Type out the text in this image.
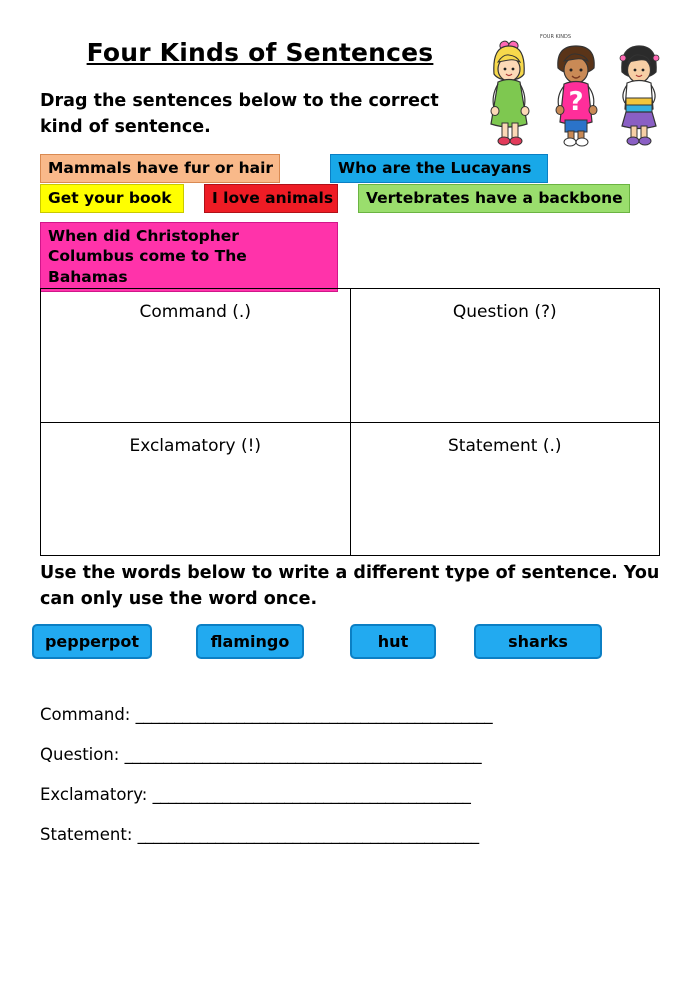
Four Kinds of Sentences
FOUR KINDS
?
Drag the sentences below to the correct kind of sentence.
Mammals have fur or hair	Who are the Lucayans
Get your book	I love animals	Vertebrates have a backbone
When did Christopher Columbus come to The Bahamas
Command (.)	Question (?)
Exclamatory (!)	Statement (.)
Use the words below to write a different type of sentence. You can only use the word once.
pepperpot	flamingo	hut	sharks
Command: ______________________________________________
Question: ______________________________________________
Exclamatory: _________________________________________
Statement: ____________________________________________
